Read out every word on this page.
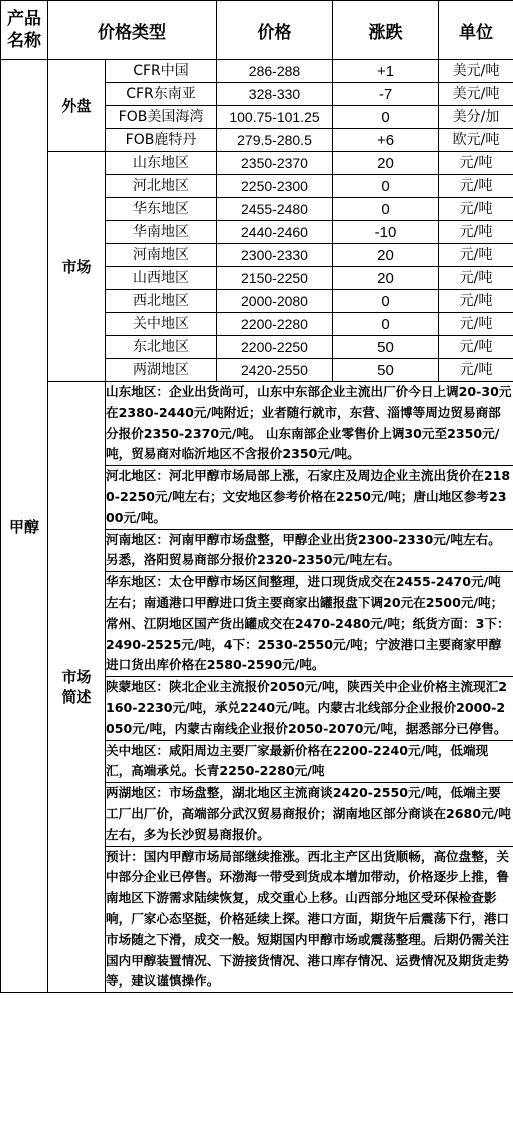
产品
名称	价格类型		价格	涨跌	单位
甲醇	外盘	CFR中国	286-288	+1	美元/吨
		CFR东南亚	328-330	-7	美元/吨
		FOB美国海湾	100.75-101.25	0	美分/加
		FOB鹿特丹	279.5-280.5	+6	欧元/吨
	市场	山东地区	2350-2370	20	元/吨
		河北地区	2250-2300	0	元/吨
		华东地区	2455-2480	0	元/吨
		华南地区	2440-2460	-10	元/吨
		河南地区	2300-2330	20	元/吨
		山西地区	2150-2250	20	元/吨
		西北地区	2000-2080	0	元/吨
		关中地区	2200-2280	0	元/吨
		东北地区	2200-2250	50	元/吨
		两湖地区	2420-2550	50	元/吨

	市场
简述	山东地区：企业出货尚可，山东中东部企业主流出厂价今日上调20-30元在2380-2440元/吨附近；业者随行就市，东营、淄博等周边贸易商部分报价2350-2370元/吨。 山东南部企业零售价上调30元至2350元/吨，贸易商对临沂地区不含报价2350元/吨。			
		河北地区：河北甲醇市场局部上涨，石家庄及周边企业主流出货价在2180-2250元/吨左右；文安地区参考价格在2250元/吨；唐山地区参考2300元/吨。			
		河南地区：河南甲醇市场盘整，甲醇企业出货2300-2330元/吨左右。另悉，洛阳贸易商部分报价2320-2350元/吨左右。			
		华东地区：太仓甲醇市场区间整理，进口现货成交在2455-2470元/吨左右；南通港口甲醇进口货主要商家出罐报盘下调20元在2500元/吨；常州、江阴地区国产货出罐成交在2470-2480元/吨；纸货方面：3下：2490-2525元/吨，4下：2530-2550元/吨；宁波港口主要商家甲醇进口货出库价格在2580-2590元/吨。			
		陕蒙地区：陕北企业主流报价2050元/吨，陕西关中企业价格主流现汇2160-2230元/吨，承兑2240元/吨。内蒙古北线部分企业报价2000-2050元/吨，内蒙古南线企业报价2050-2070元/吨，据悉部分已停售。			
		关中地区：咸阳周边主要厂家最新价格在2200-2240元/吨，低端现汇，高端承兑。长青2250-2280元/吨			
		两湖地区：市场盘整，湖北地区主流商谈2420-2550元/吨，低端主要工厂出厂价，高端部分武汉贸易商报价；湖南地区部分商谈在2680元/吨左右，多为长沙贸易商报价。			
		预计：国内甲醇市场局部继续推涨。西北主产区出货顺畅，高位盘整，关中部分企业已停售。环渤海一带受到货成本增加带动，价格逐步上推，鲁南地区下游需求陆续恢复，成交重心上移。山西部分地区受环保检查影响，厂家心态坚挺，价格延续上探。港口方面，期货午后震荡下行，港口市场随之下滑，成交一般。短期国内甲醇市场或震荡整理。后期仍需关注国内甲醇装置情况、下游接货情况、港口库存情况、运费情况及期货走势等，建议谨慎操作。			
